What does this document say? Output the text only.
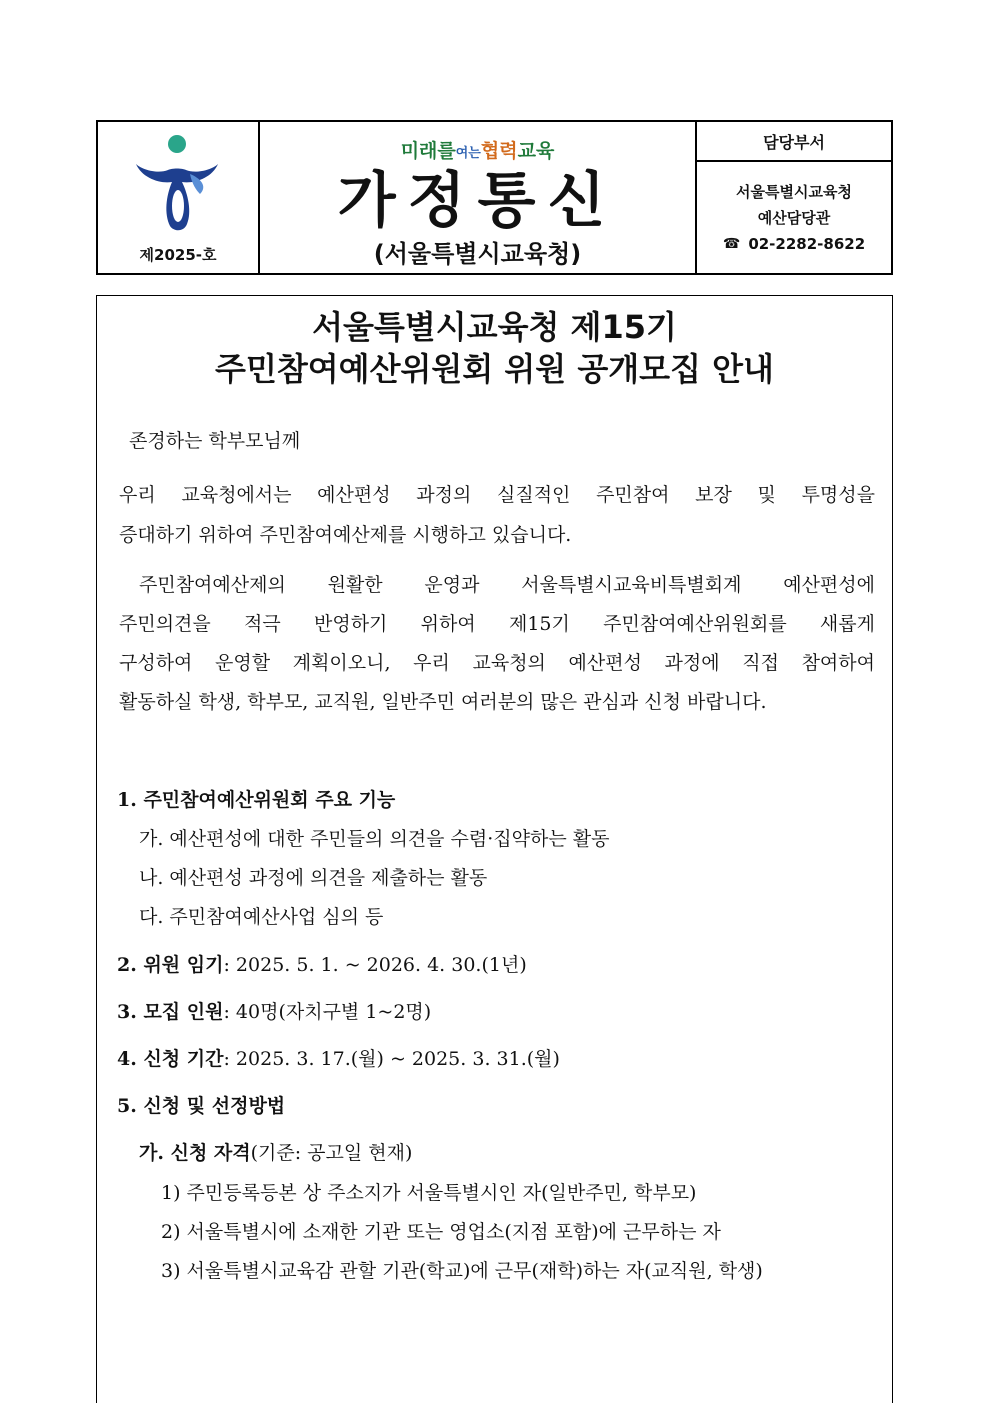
제2025-호
미래를여는협력교육
가정통신
(서울특별시교육청)
담당부서
서울특별시교육청
예산담당관
☎ 02-2282-8622
서울특별시교육청 제15기
주민참여예산위원회 위원 공개모집 안내
존경하는 학부모님께
우리 교육청에서는 예산편성 과정의 실질적인 주민참여 보장 및 투명성을
증대하기 위하여 주민참여예산제를 시행하고 있습니다.
주민참여예산제의 원활한 운영과 서울특별시교육비특별회계 예산편성에
주민의견을 적극 반영하기 위하여 제15기 주민참여예산위원회를 새롭게
구성하여 운영할 계획이오니, 우리 교육청의 예산편성 과정에 직접 참여하여
활동하실 학생, 학부모, 교직원, 일반주민 여러분의 많은 관심과 신청 바랍니다.
1. 주민참여예산위원회 주요 기능
가. 예산편성에 대한 주민들의 의견을 수렴·집약하는 활동
나. 예산편성 과정에 의견을 제출하는 활동
다. 주민참여예산사업 심의 등
2. 위원 임기: 2025. 5. 1. ~ 2026. 4. 30.(1년)
3. 모집 인원: 40명(자치구별 1~2명)
4. 신청 기간: 2025. 3. 17.(월) ~ 2025. 3. 31.(월)
5. 신청 및 선정방법
가. 신청 자격(기준: 공고일 현재)
1) 주민등록등본 상 주소지가 서울특별시인 자(일반주민, 학부모)
2) 서울특별시에 소재한 기관 또는 영업소(지점 포함)에 근무하는 자
3) 서울특별시교육감 관할 기관(학교)에 근무(재학)하는 자(교직원, 학생)
